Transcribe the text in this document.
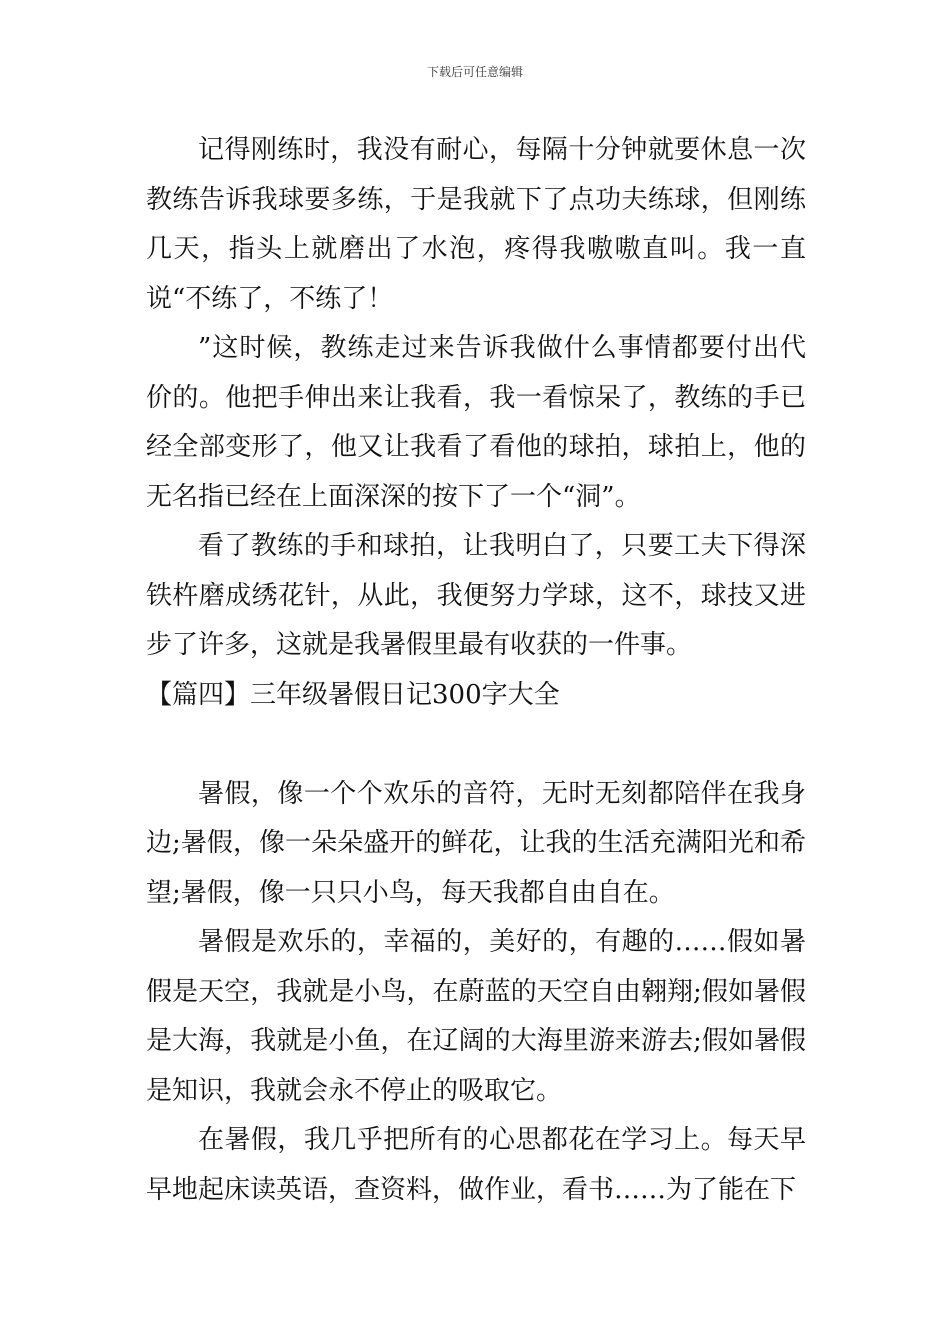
下载后可任意编辑

记得刚练时，我没有耐心，每隔十分钟就要休息一次教练告诉我球要多练，于是我就下了点功夫练球，但刚练几天，指头上就磨出了水泡，疼得我嗷嗷直叫。我一直说“不练了，不练了！

”这时候，教练走过来告诉我做什么事情都要付出代价的。他把手伸出来让我看，我一看惊呆了，教练的手已经全部变形了，他又让我看了看他的球拍，球拍上，他的无名指已经在上面深深的按下了一个“洞”。

看了教练的手和球拍，让我明白了，只要工夫下得深铁杵磨成绣花针，从此，我便努力学球，这不，球技又进步了许多，这就是我暑假里最有收获的一件事。

【篇四】三年级暑假日记300字大全

暑假，像一个个欢乐的音符，无时无刻都陪伴在我身边;暑假，像一朵朵盛开的鲜花，让我的生活充满阳光和希望;暑假，像一只只小鸟，每天我都自由自在。

暑假是欢乐的，幸福的，美好的，有趣的……假如暑假是天空，我就是小鸟，在蔚蓝的天空自由翱翔;假如暑假是大海，我就是小鱼，在辽阔的大海里游来游去;假如暑假是知识，我就会永不停止的吸取它。

在暑假，我几乎把所有的心思都花在学习上。每天早早地起床读英语，查资料，做作业，看书……为了能在下
